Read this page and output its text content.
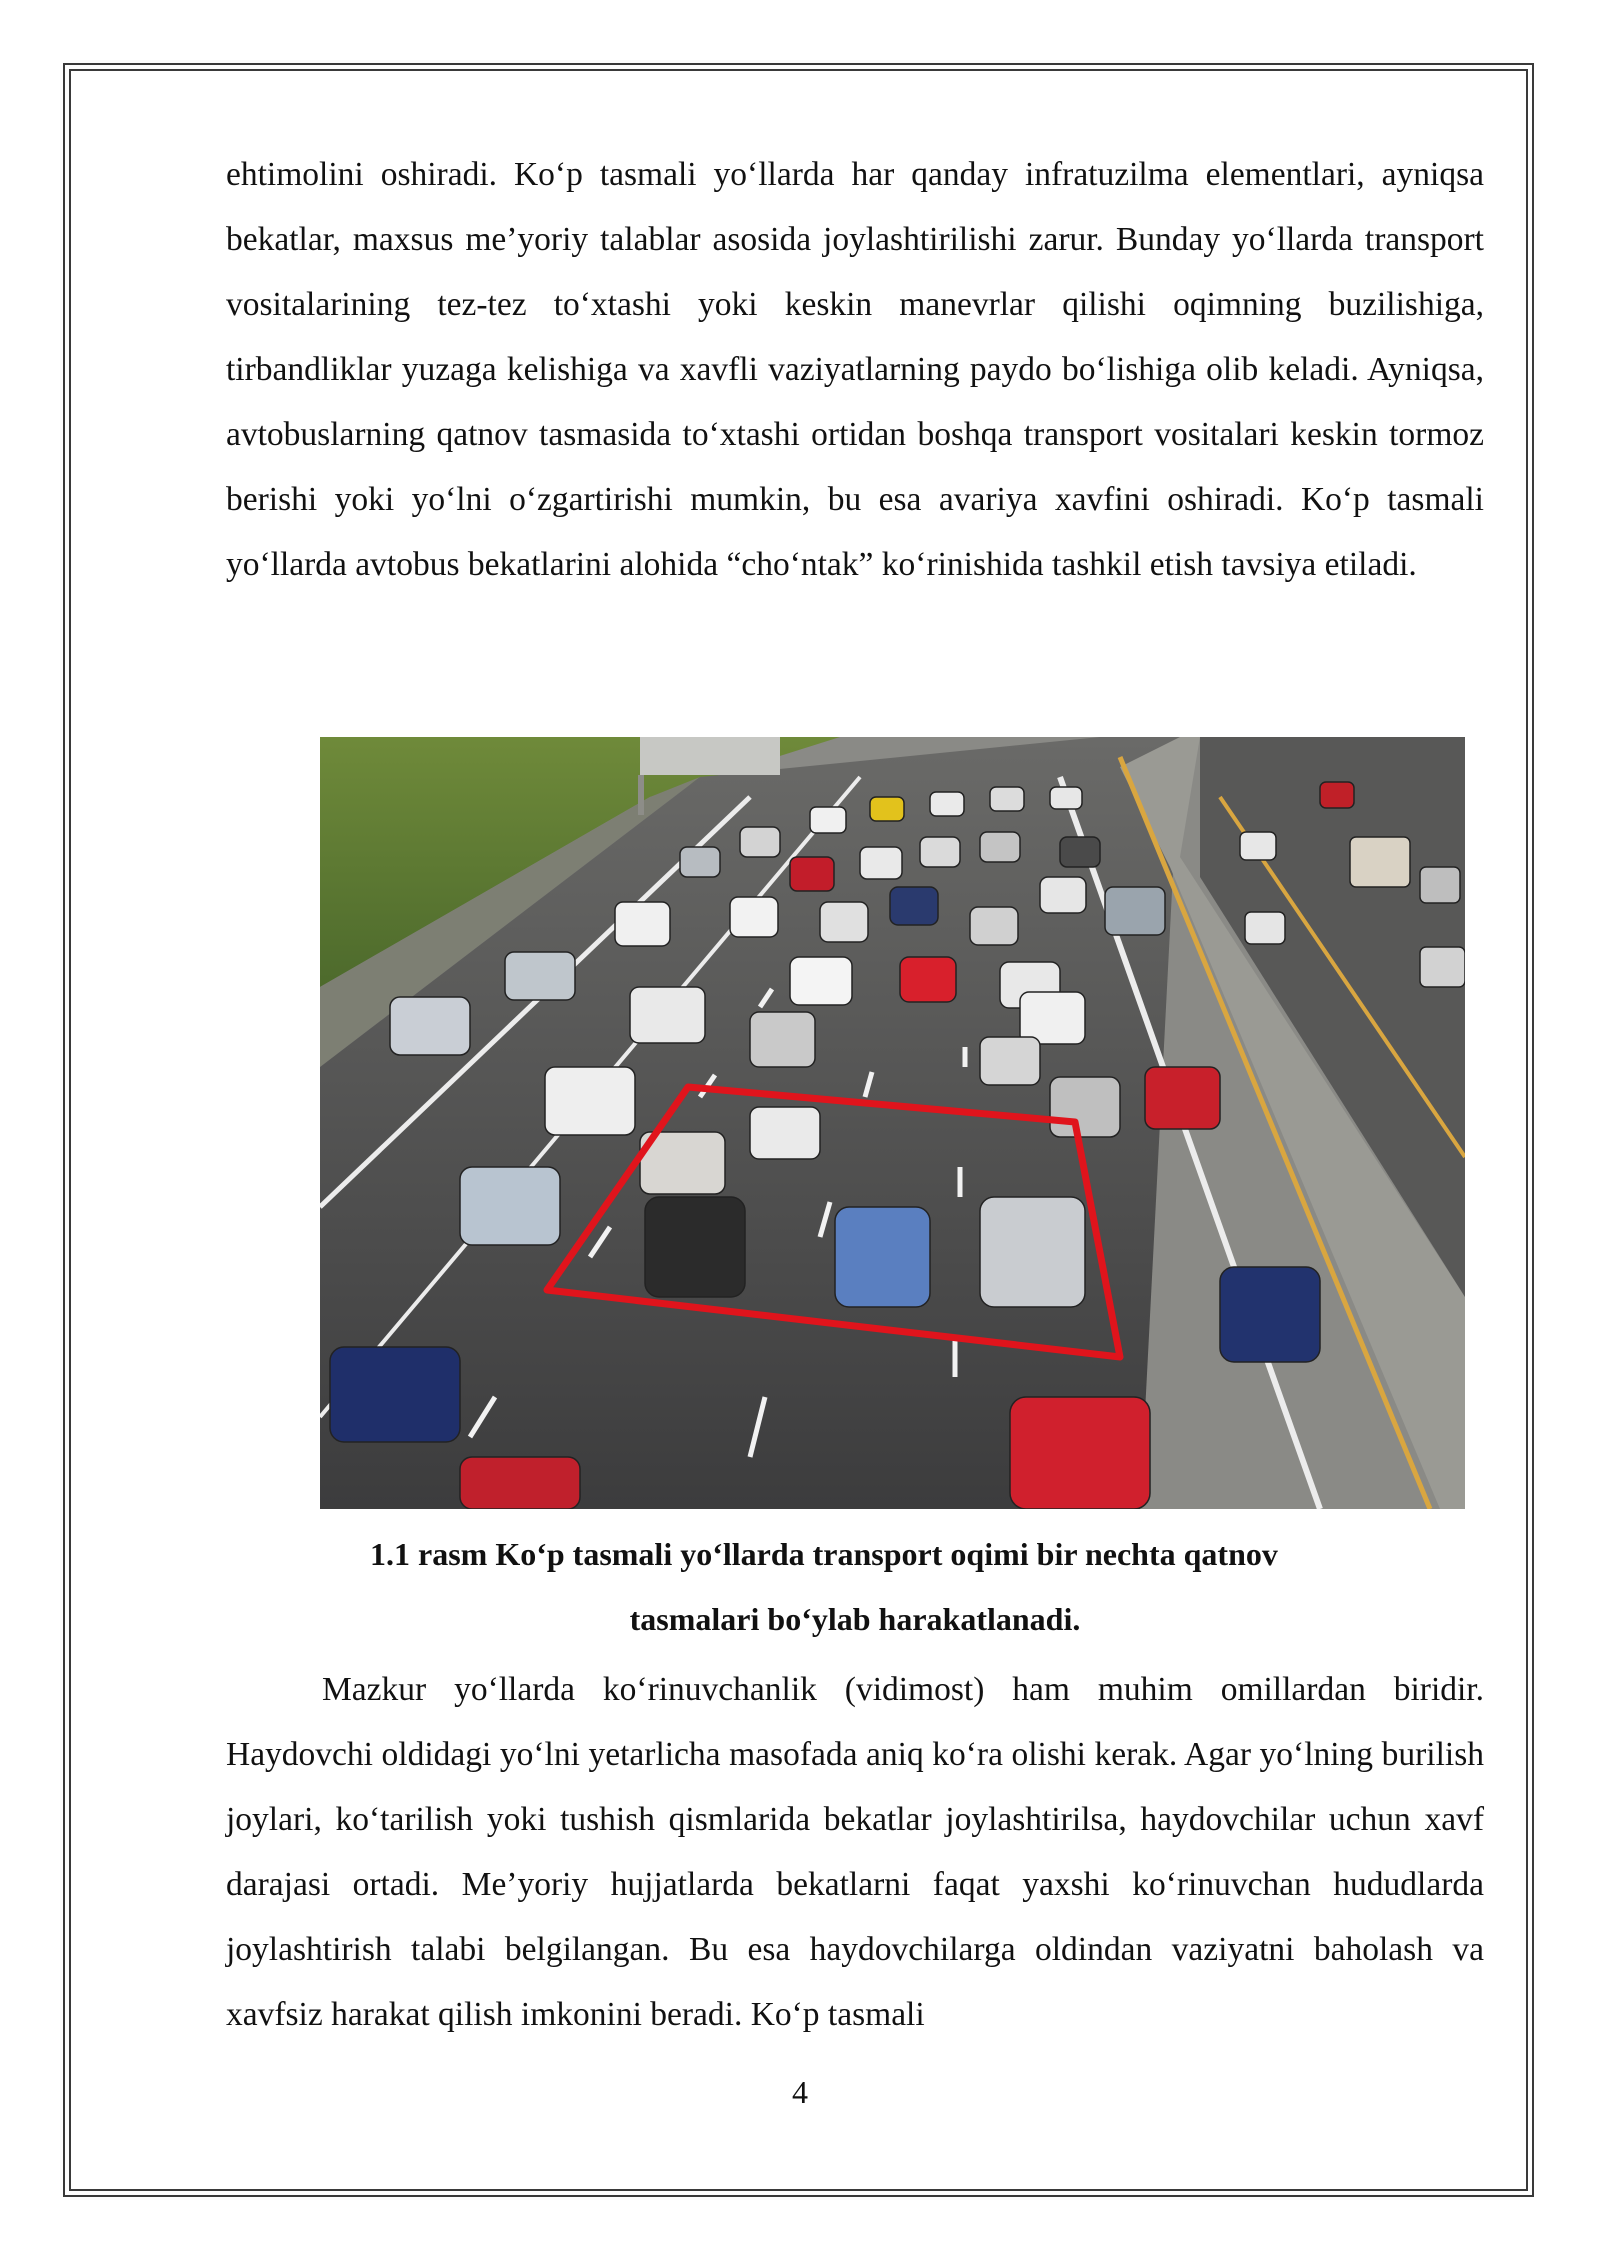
ehtimolini oshiradi. Ko‘p tasmali yo‘llarda har qanday infratuzilma elementlari, ayniqsa bekatlar, maxsus me’yoriy talablar asosida joylashtirilishi zarur. Bunday yo‘llarda transport vositalarining tez-tez to‘xtashi yoki keskin manevrlar qilishi oqimning buzilishiga, tirbandliklar yuzaga kelishiga va xavfli vaziyatlarning paydo bo‘lishiga olib keladi. Ayniqsa, avtobuslarning qatnov tasmasida to‘xtashi ortidan boshqa transport vositalari keskin tormoz berishi yoki yo‘lni o‘zgartirishi mumkin, bu esa avariya xavfini oshiradi. Ko‘p tasmali yo‘llarda avtobus bekatlarini alohida “cho‘ntak” ko‘rinishida tashkil etish tavsiya etiladi.

1.1 rasm Ko‘p tasmali yo‘llarda transport oqimi bir nechta qatnov

tasmalari bo‘ylab harakatlanadi.

Mazkur yo‘llarda ko‘rinuvchanlik (vidimost) ham muhim omillardan biridir. Haydovchi oldidagi yo‘lni yetarlicha masofada aniq ko‘ra olishi kerak. Agar yo‘lning burilish joylari, ko‘tarilish yoki tushish qismlarida bekatlar joylashtirilsa, haydovchilar uchun xavf darajasi ortadi. Me’yoriy hujjatlarda bekatlarni faqat yaxshi ko‘rinuvchan hududlarda joylashtirish talabi belgilangan. Bu esa haydovchilarga oldindan vaziyatni baholash va xavfsiz harakat qilish imkonini beradi. Ko‘p tasmali

4
